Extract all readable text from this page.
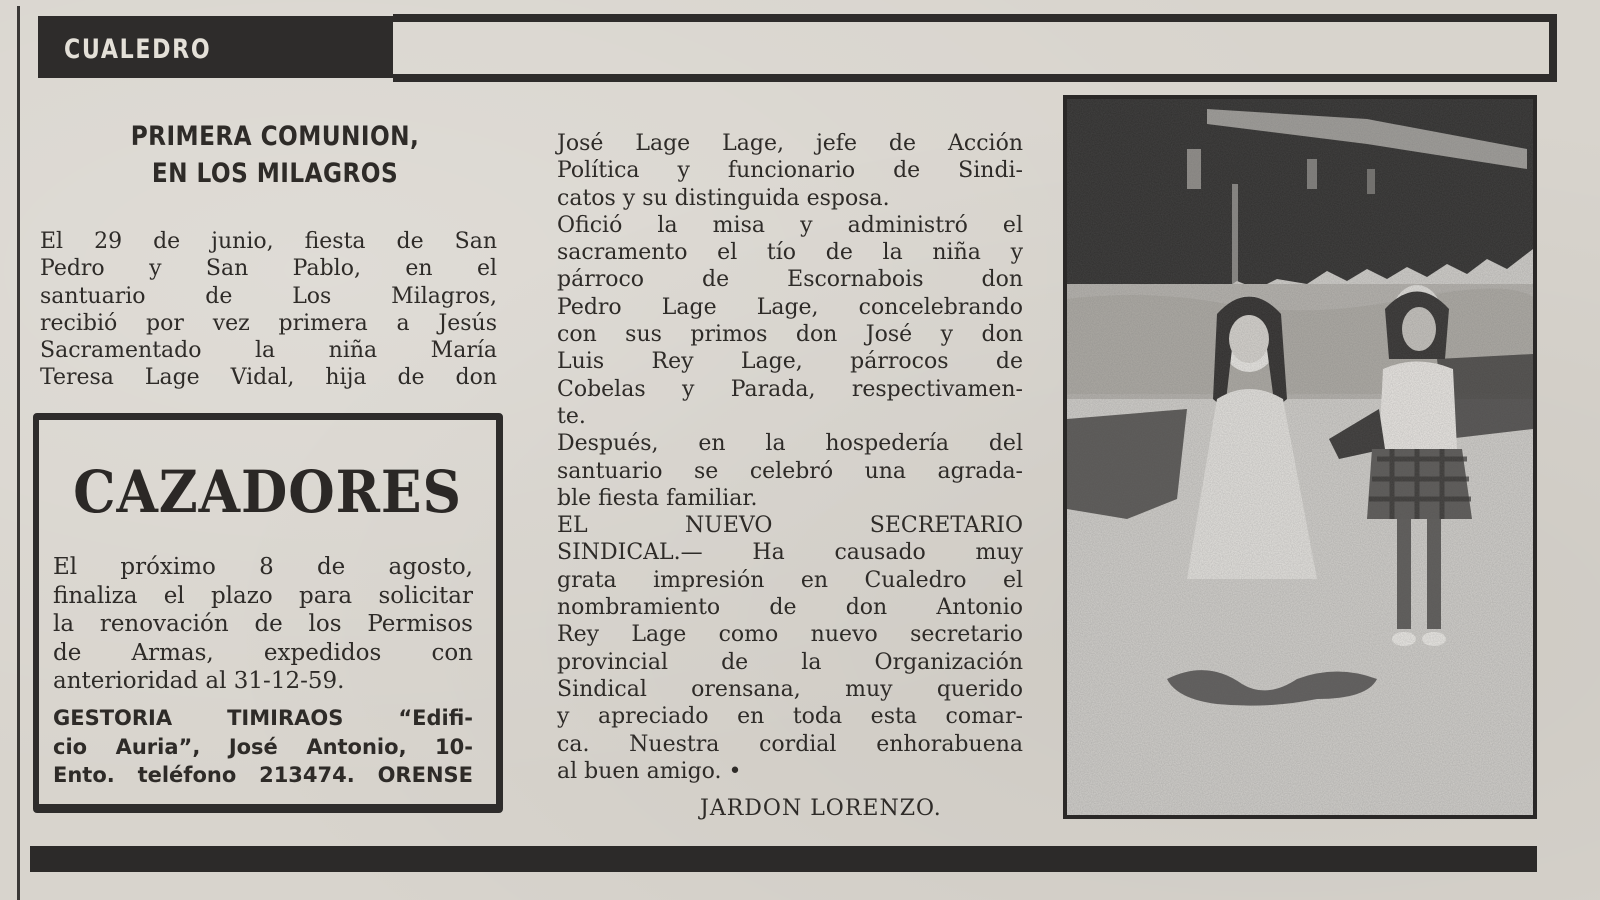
CUALEDRO
PRIMERA COMUNION,
EN LOS MILAGROS
El 29 de junio, fiesta de San
Pedro y San Pablo, en el
santuario de Los Milagros,
recibió por vez primera a Jesús
Sacramentado la niña María
Teresa Lage Vidal, hija de don
CAZADORES
El próximo 8 de agosto,
finaliza el plazo para solicitar
la renovación de los Permisos
de Armas, expedidos con
anterioridad al 31-12-59.
GESTORIA TIMIRAOS “Edifi-
cio Auria”, José Antonio, 10-
Ento. teléfono 213474. ORENSE
José Lage Lage, jefe de Acción
Política y funcionario de Sindi-
catos y su distinguida esposa.
Ofició la misa y administró el
sacramento el tío de la niña y
párroco de Escornabois don
Pedro Lage Lage, concelebrando
con sus primos don José y don
Luis Rey Lage, párrocos de
Cobelas y Parada, respectivamen-
te.
Después, en la hospedería del
santuario se celebró una agrada-
ble fiesta familiar.
EL NUEVO SECRETARIO
SINDICAL.— Ha causado muy
grata impresión en Cualedro el
nombramiento de don Antonio
Rey Lage como nuevo secretario
provincial de la Organización
Sindical orensana, muy querido
y apreciado en toda esta comar-
ca. Nuestra cordial enhorabuena
al buen amigo. •
JARDON LORENZO.
